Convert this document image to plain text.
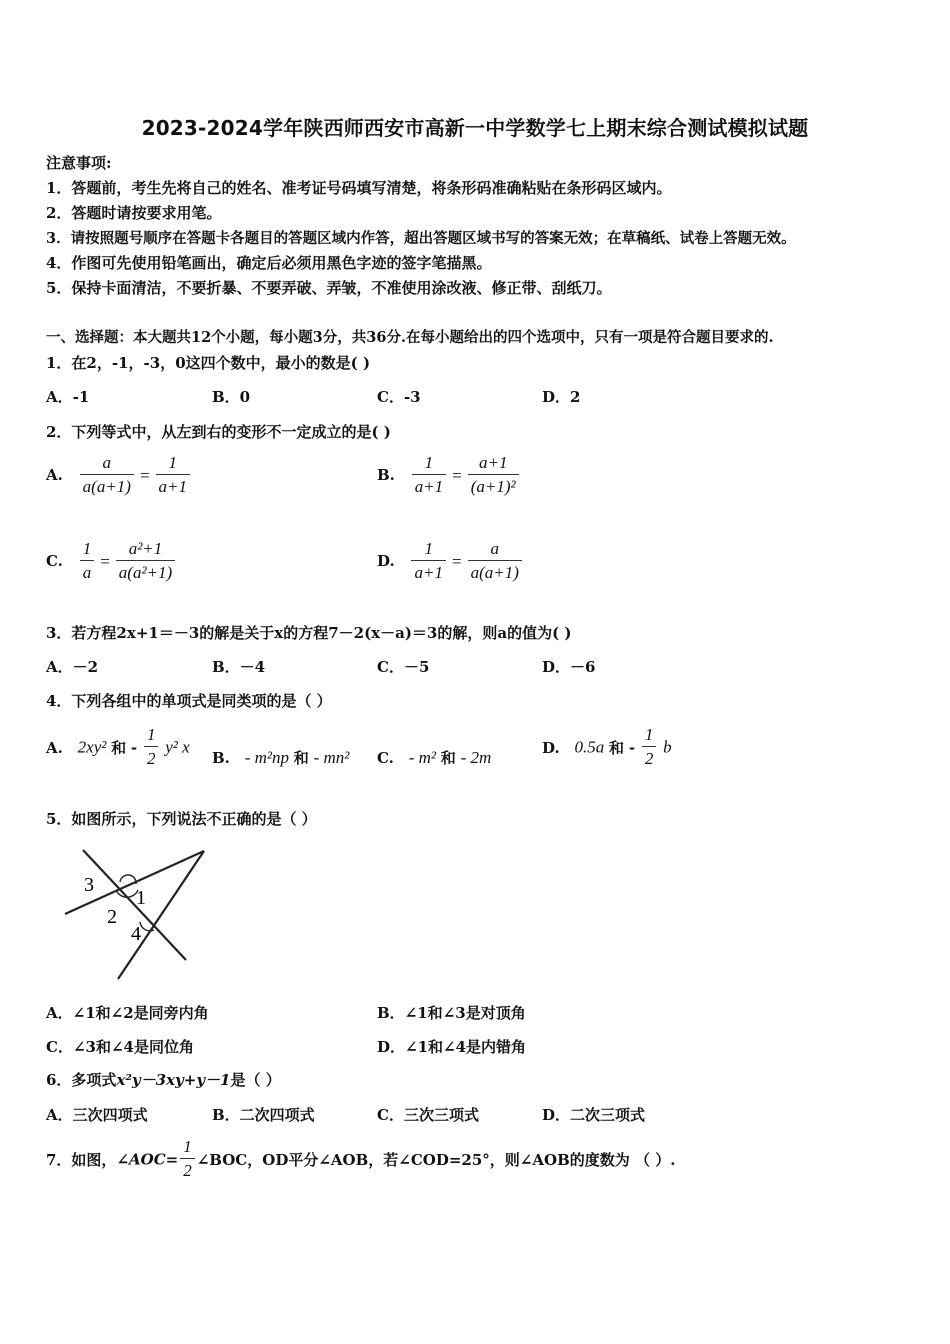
2023-2024学年陕西师西安市高新一中学数学七上期末综合测试模拟试题
注意事项:
1．答题前，考生先将自己的姓名、准考证号码填写清楚，将条形码准确粘贴在条形码区域内。
2．答题时请按要求用笔。
3．请按照题号顺序在答题卡各题目的答题区域内作答，超出答题区域书写的答案无效；在草稿纸、试卷上答题无效。
4．作图可先使用铅笔画出，确定后必须用黑色字迹的签字笔描黑。
5．保持卡面清洁，不要折暴、不要弄破、弄皱，不准使用涂改液、修正带、刮纸刀。
一、选择题：本大题共12个小题，每小题3分，共36分.在每小题给出的四个选项中，只有一项是符合题目要求的.
1．在2，-1，-3，0这四个数中，最小的数是( )
A．-1	B．0	C．-3	D．2
2．下列等式中，从左到右的变形不一定成立的是( )
A. $\frac{a}{a(a+1)} = \frac{1}{a+1}$	B. $\frac{1}{a+1} = \frac{a+1}{\text{(a+1)²}}$
C. $\frac{1}{a} = \frac{\text{a²+1}}{\text{a(a²+1)}}$	D. $\frac{1}{a+1} = \frac{a}{a(a+1)}$
3．若方程2x+1＝－3的解是关于x的方程7－2(x－a)＝3的解，则a的值为( )
A．－2	B．－4	C．－5	D．－6
4．下列各组中的单项式是同类项的是（ ）
A. 2xy² 和 - $\frac{1}{2} y^2$ x
B. - m²np 和 - mn² C. - m² 和 - 2m
D. 0.5a 和 - $\frac{1}{2}$ b
5．如图所示，下列说法不正确的是（ ）
3
1
2
4
A．∠1和∠2是同旁内角	B．∠1和∠3是对顶角
C．∠3和∠4是同位角	D．∠1和∠4是内错角
6．多项式x²y－3xy+y－1是（ ）
A．三次四项式	B．二次四项式	C．三次三项式	D．二次三项式
7．如图，∠AOC= $\frac{1}{2}$ ∠BOC，OD平分∠AOB，若∠COD=25°，则∠AOB的度数为 （ ）.
